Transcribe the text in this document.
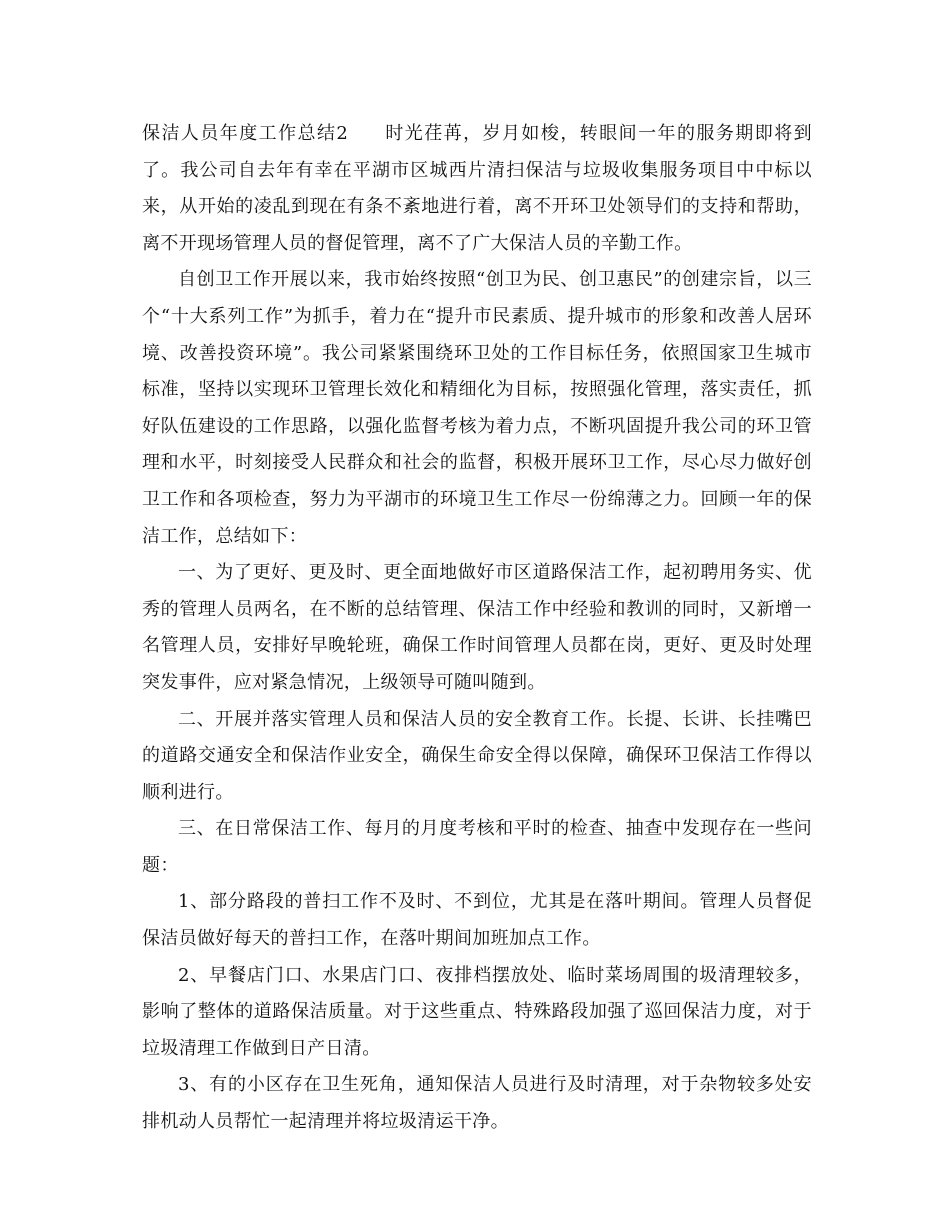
保洁人员年度工作总结2 时光荏苒，岁月如梭，转眼间一年的服务期即将到了。我公司自去年有幸在平湖市区城西片清扫保洁与垃圾收集服务项目中中标以来，从开始的凌乱到现在有条不紊地进行着，离不开环卫处领导们的支持和帮助，离不开现场管理人员的督促管理，离不了广大保洁人员的辛勤工作。

自创卫工作开展以来，我市始终按照“创卫为民、创卫惠民”的创建宗旨，以三个“十大系列工作”为抓手，着力在“提升市民素质、提升城市的形象和改善人居环境、改善投资环境”。我公司紧紧围绕环卫处的工作目标任务，依照国家卫生城市标准，坚持以实现环卫管理长效化和精细化为目标，按照强化管理，落实责任，抓好队伍建设的工作思路，以强化监督考核为着力点，不断巩固提升我公司的环卫管理和水平，时刻接受人民群众和社会的监督，积极开展环卫工作，尽心尽力做好创卫工作和各项检查，努力为平湖市的环境卫生工作尽一份绵薄之力。回顾一年的保洁工作，总结如下：

一、为了更好、更及时、更全面地做好市区道路保洁工作，起初聘用务实、优秀的管理人员两名，在不断的总结管理、保洁工作中经验和教训的同时，又新增一名管理人员，安排好早晚轮班，确保工作时间管理人员都在岗，更好、更及时处理突发事件，应对紧急情况，上级领导可随叫随到。

二、开展并落实管理人员和保洁人员的安全教育工作。长提、长讲、长挂嘴巴的道路交通安全和保洁作业安全，确保生命安全得以保障，确保环卫保洁工作得以顺利进行。

三、在日常保洁工作、每月的月度考核和平时的检查、抽查中发现存在一些问题：

1、部分路段的普扫工作不及时、不到位，尤其是在落叶期间。管理人员督促保洁员做好每天的普扫工作，在落叶期间加班加点工作。

2、早餐店门口、水果店门口、夜排档摆放处、临时菜场周围的圾清理较多，影响了整体的道路保洁质量。对于这些重点、特殊路段加强了巡回保洁力度，对于垃圾清理工作做到日产日清。

3、有的小区存在卫生死角，通知保洁人员进行及时清理，对于杂物较多处安排机动人员帮忙一起清理并将垃圾清运干净。
